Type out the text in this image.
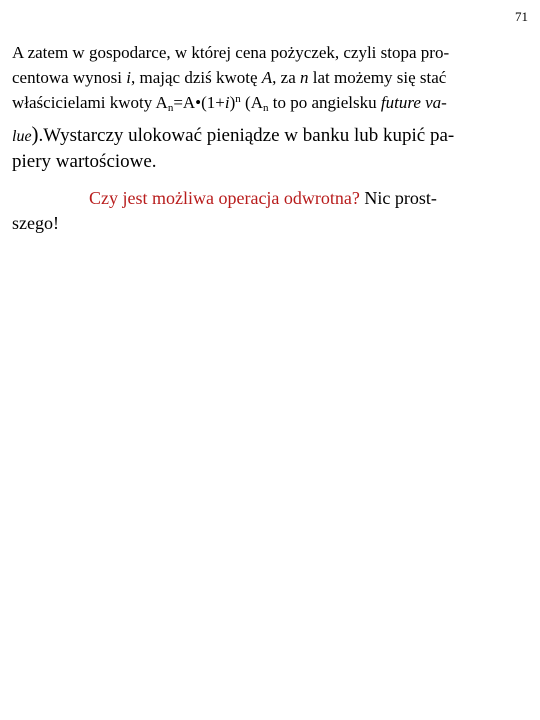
71
A zatem w gospodarce, w której cena pożyczek, czyli stopa pro-
centowa wynosi i, mając dziś kwotę A, za n lat możemy się stać
właścicielami kwoty $A_n=A•(1+i)^n$ ($A_n$ to po angielsku future va-
lue).Wystarczy ulokować pieniądze w banku lub kupić pa-
piery wartościowe.
Czy jest możliwa operacja odwrotna? Nic prost-
szego!
